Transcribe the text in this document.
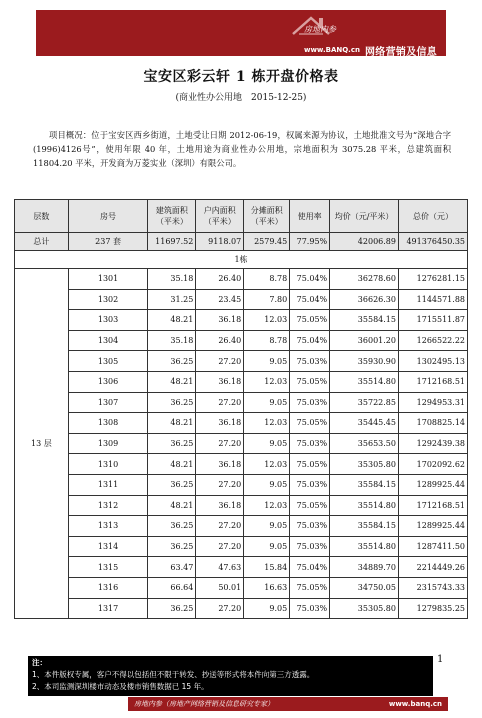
房地内参
www.BANQ.cn 网络营销及信息研究专家
宝安区彩云轩 1 栋开盘价格表
(商业性办公用地　2015-12-25)
项目概况：位于宝安区西乡街道，土地受让日期 2012-06-19，权属来源为协议，土地批准文号为“深地合字(1996)4126号”，使用年限 40 年，土地用途为商业性办公用地，宗地面积为 3075.28 平米，总建筑面积 11804.20 平米，开发商为万菱实业（深圳）有限公司。
层数	房号	建筑面积（平米）	户内面积（平米）	分摊面积（平米）	使用率	均价（元/平米）	总价（元）
总计	237 套	11697.52	9118.07	2579.45	77.95%	42006.89	491376450.35
1栋							
13 层	1301	35.18	26.40	8.78	75.04%	36278.60	1276281.15
	1302	31.25	23.45	7.80	75.04%	36626.30	1144571.88
	1303	48.21	36.18	12.03	75.05%	35584.15	1715511.87
	1304	35.18	26.40	8.78	75.04%	36001.20	1266522.22
	1305	36.25	27.20	9.05	75.03%	35930.90	1302495.13
	1306	48.21	36.18	12.03	75.05%	35514.80	1712168.51
	1307	36.25	27.20	9.05	75.03%	35722.85	1294953.31
	1308	48.21	36.18	12.03	75.05%	35445.45	1708825.14
	1309	36.25	27.20	9.05	75.03%	35653.50	1292439.38
	1310	48.21	36.18	12.03	75.05%	35305.80	1702092.62
	1311	36.25	27.20	9.05	75.03%	35584.15	1289925.44
	1312	48.21	36.18	12.03	75.05%	35514.80	1712168.51
	1313	36.25	27.20	9.05	75.03%	35584.15	1289925.44
	1314	36.25	27.20	9.05	75.03%	35514.80	1287411.50
	1315	63.47	47.63	15.84	75.04%	34889.70	2214449.26
	1316	66.64	50.01	16.63	75.05%	34750.05	2315743.33
	1317	36.25	27.20	9.05	75.03%	35305.80	1279835.25
1
注：
1、本件版权专属，客户不得以包括但不限于转发、抄送等形式将本件向第三方透露。
2、本司监测深圳楼市动态及楼市销售数据已 15 年。
房地内参（房地产网络营销及信息研究专家）	www.banq.cn
